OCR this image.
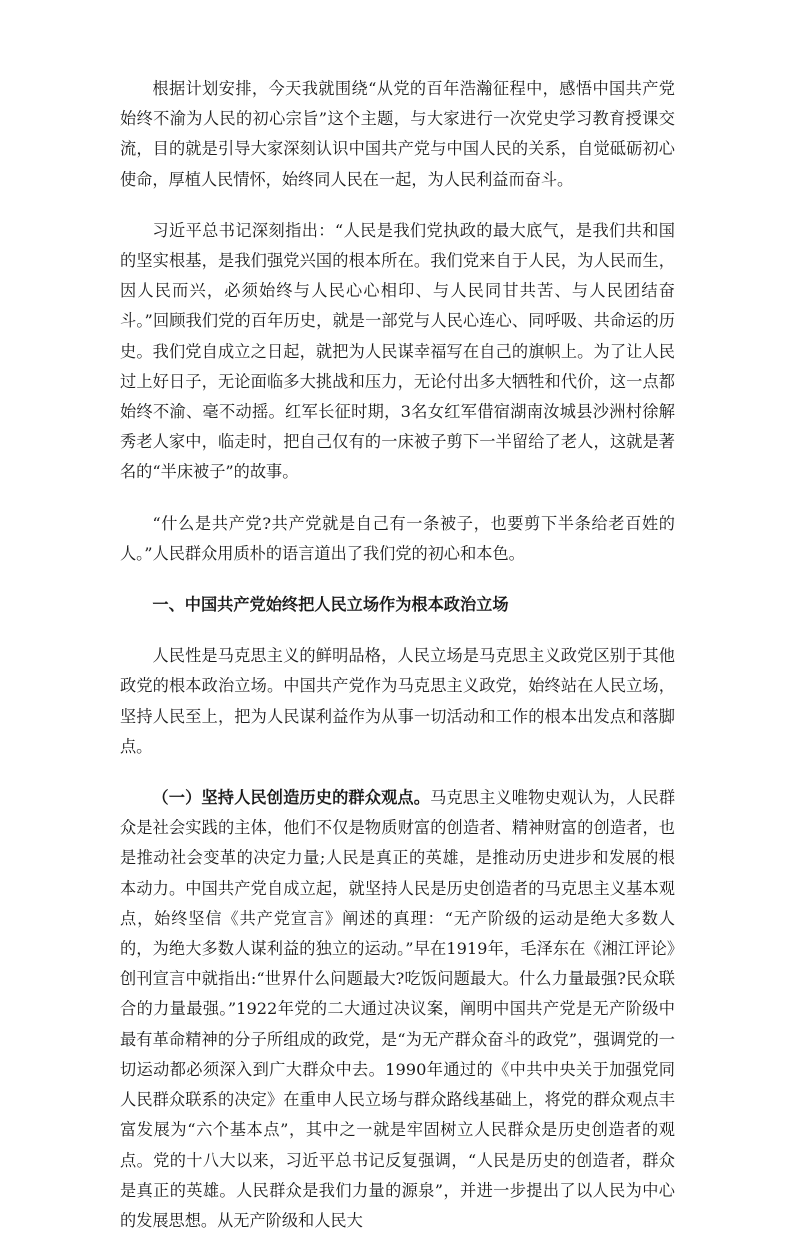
根据计划安排，今天我就围绕“从党的百年浩瀚征程中，感悟中国共产党始终不渝为人民的初心宗旨”这个主题，与大家进行一次党史学习教育授课交流，目的就是引导大家深刻认识中国共产党与中国人民的关系，自觉砥砺初心使命，厚植人民情怀，始终同人民在一起，为人民利益而奋斗。

习近平总书记深刻指出：“人民是我们党执政的最大底气，是我们共和国的坚实根基，是我们强党兴国的根本所在。我们党来自于人民，为人民而生，因人民而兴，必须始终与人民心心相印、与人民同甘共苦、与人民团结奋斗。”回顾我们党的百年历史，就是一部党与人民心连心、同呼吸、共命运的历史。我们党自成立之日起，就把为人民谋幸福写在自己的旗帜上。为了让人民过上好日子，无论面临多大挑战和压力，无论付出多大牺牲和代价，这一点都始终不渝、毫不动摇。红军长征时期，3名女红军借宿湖南汝城县沙洲村徐解秀老人家中，临走时，把自己仅有的一床被子剪下一半留给了老人，这就是著名的“半床被子”的故事。

“什么是共产党?共产党就是自己有一条被子，也要剪下半条给老百姓的人。”人民群众用质朴的语言道出了我们党的初心和本色。

一、中国共产党始终把人民立场作为根本政治立场

人民性是马克思主义的鲜明品格，人民立场是马克思主义政党区别于其他政党的根本政治立场。中国共产党作为马克思主义政党，始终站在人民立场，坚持人民至上，把为人民谋利益作为从事一切活动和工作的根本出发点和落脚点。

（一）坚持人民创造历史的群众观点。马克思主义唯物史观认为，人民群众是社会实践的主体，他们不仅是物质财富的创造者、精神财富的创造者，也是推动社会变革的决定力量;人民是真正的英雄，是推动历史进步和发展的根本动力。中国共产党自成立起，就坚持人民是历史创造者的马克思主义基本观点，始终坚信《共产党宣言》阐述的真理：“无产阶级的运动是绝大多数人的，为绝大多数人谋利益的独立的运动。”早在1919年，毛泽东在《湘江评论》创刊宣言中就指出:“世界什么问题最大?吃饭问题最大。什么力量最强?民众联合的力量最强。”1922年党的二大通过决议案，阐明中国共产党是无产阶级中最有革命精神的分子所组成的政党，是“为无产群众奋斗的政党”，强调党的一切运动都必须深入到广大群众中去。1990年通过的《中共中央关于加强党同人民群众联系的决定》在重申人民立场与群众路线基础上，将党的群众观点丰富发展为“六个基本点”，其中之一就是牢固树立人民群众是历史创造者的观点。党的十八大以来，习近平总书记反复强调，“人民是历史的创造者，群众是真正的英雄。人民群众是我们力量的源泉”，并进一步提出了以人民为中心的发展思想。从无产阶级和人民大
